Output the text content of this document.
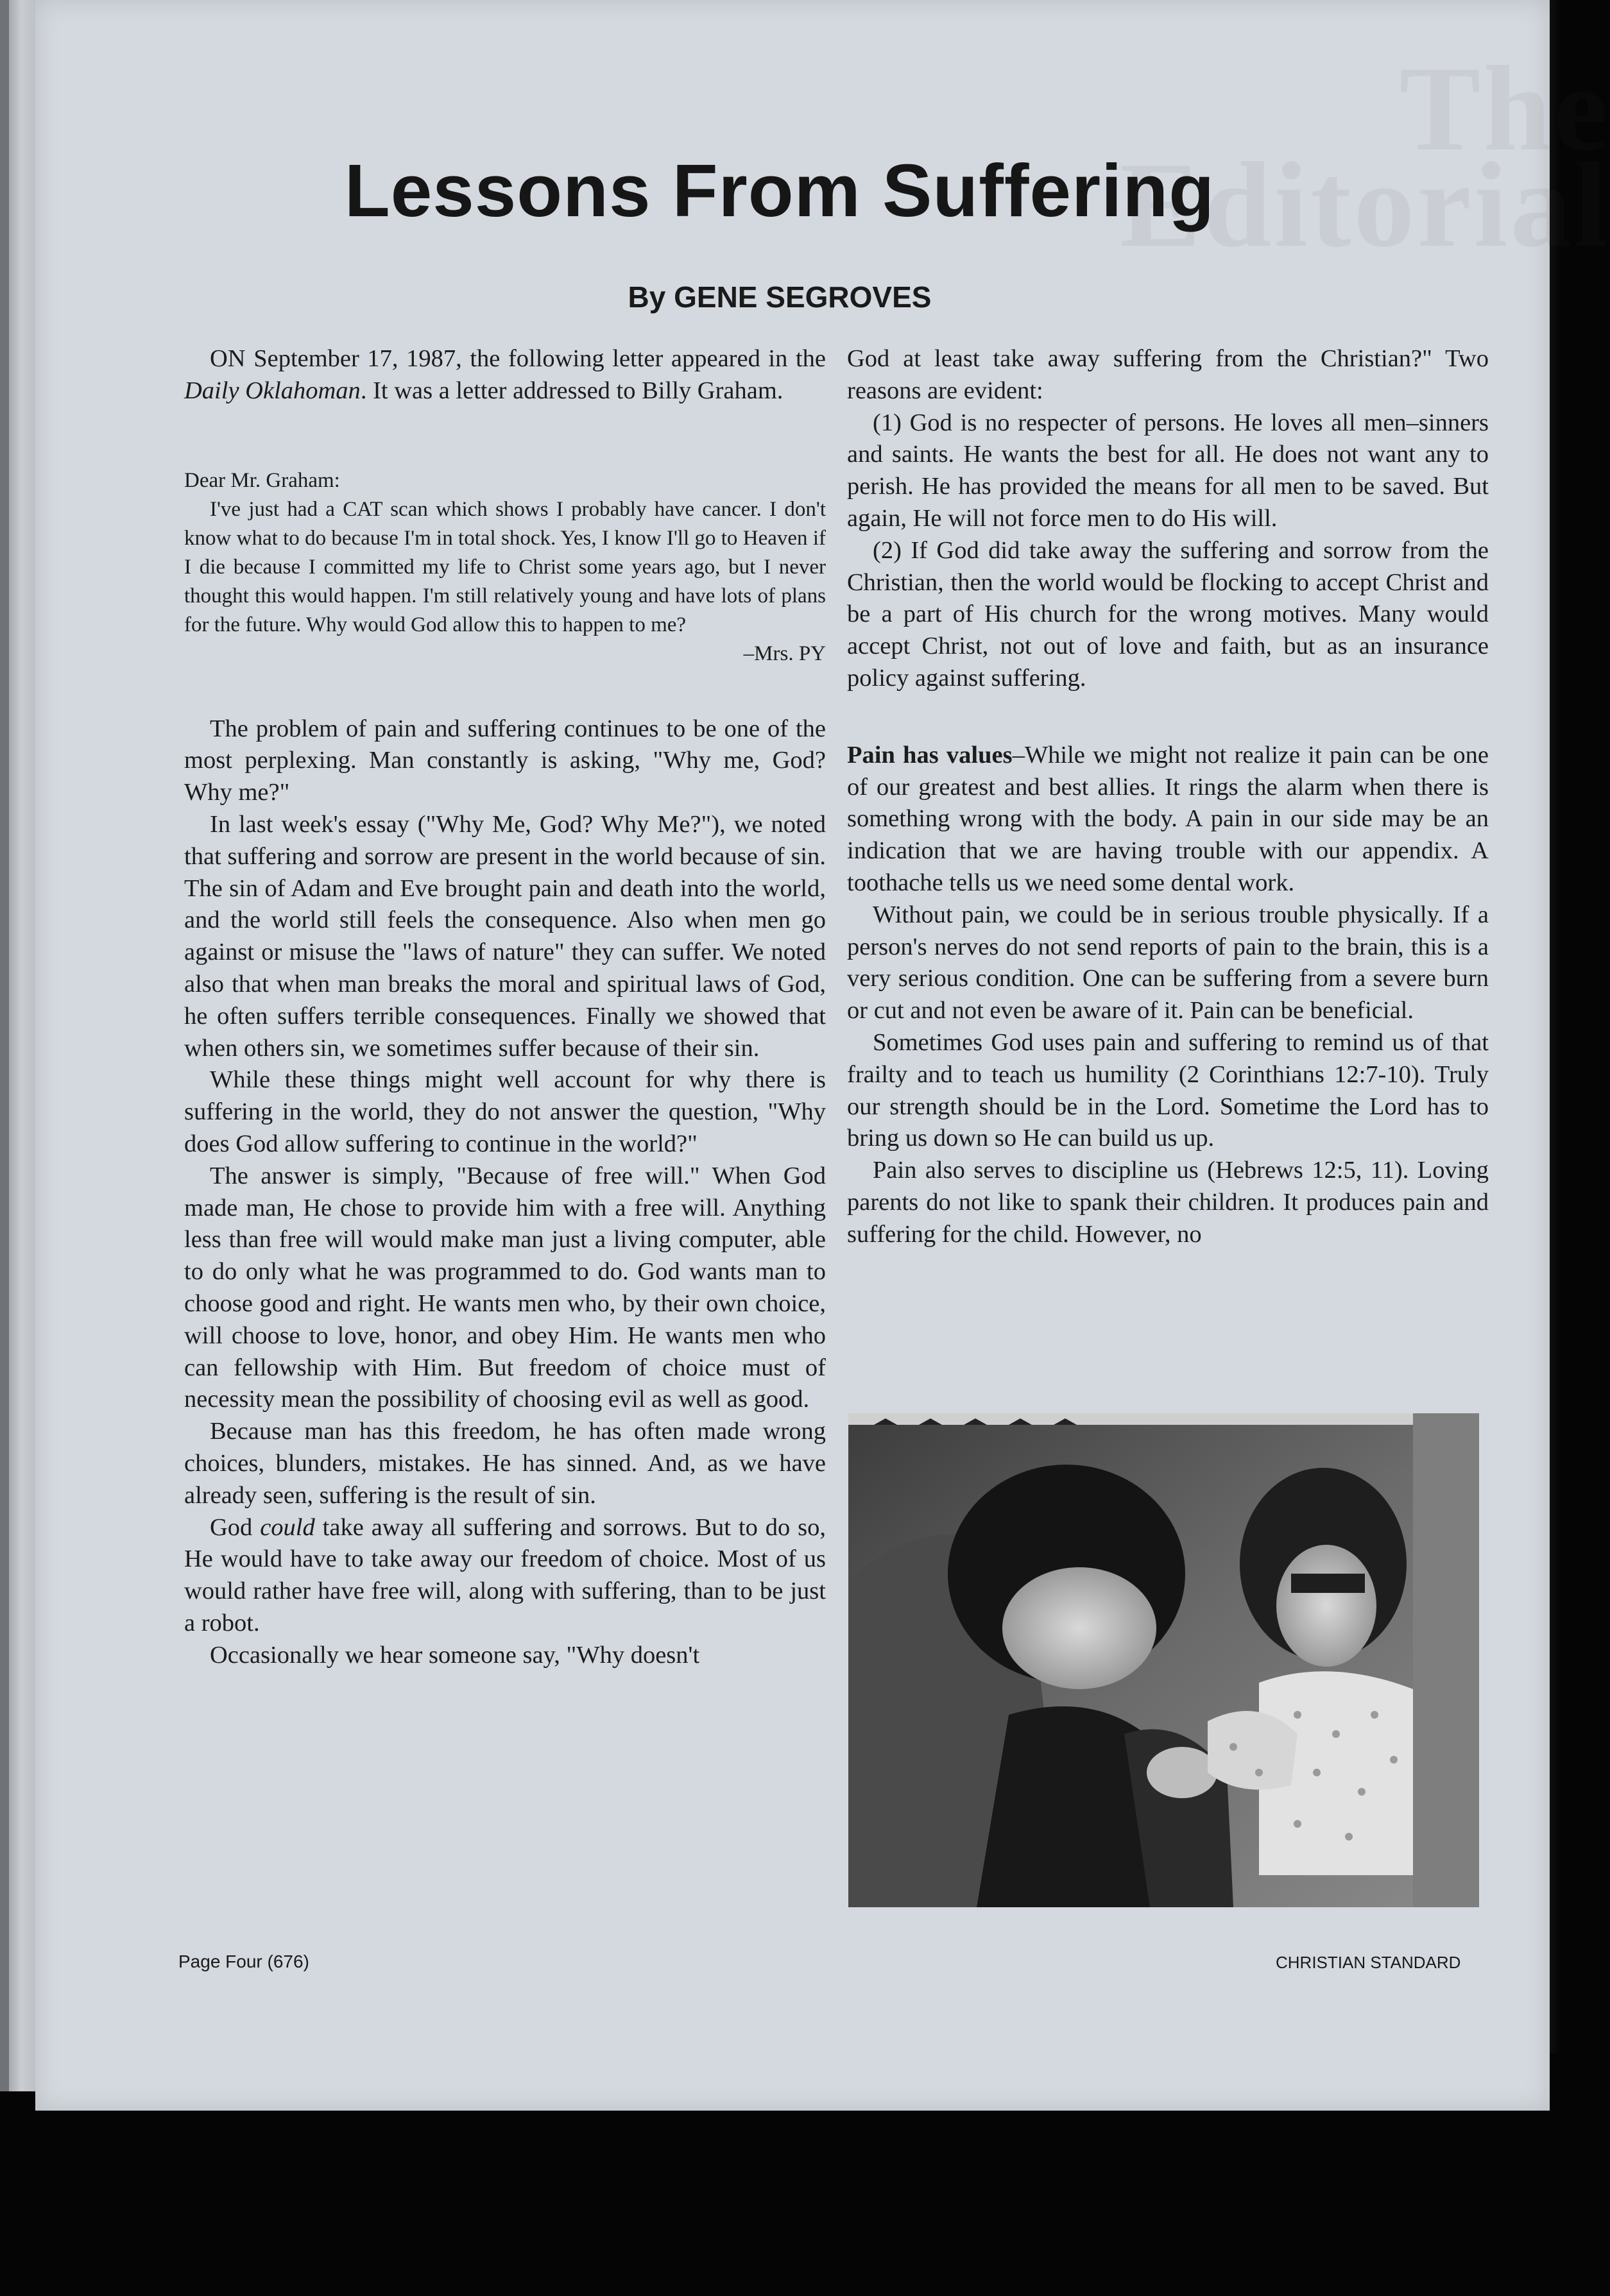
The
Editorial
Lessons From Suffering
By GENE SEGROVES

ON September 17, 1987, the following letter appeared in the Daily Oklahoman. It was a letter addressed to Billy Graham.

Dear Mr. Graham:

I've just had a CAT scan which shows I probably have cancer. I don't know what to do because I'm in total shock. Yes, I know I'll go to Heaven if I die because I committed my life to Christ some years ago, but I never thought this would happen. I'm still relatively young and have lots of plans for the future. Why would God allow this to happen to me?

–Mrs. PY

The problem of pain and suffering continues to be one of the most perplexing. Man constantly is asking, "Why me, God? Why me?"

In last week's essay ("Why Me, God? Why Me?"), we noted that suffering and sorrow are present in the world because of sin. The sin of Adam and Eve brought pain and death into the world, and the world still feels the consequence. Also when men go against or misuse the "laws of nature" they can suffer. We noted also that when man breaks the moral and spiritual laws of God, he often suffers terrible consequences. Finally we showed that when others sin, we sometimes suffer because of their sin.

While these things might well account for why there is suffering in the world, they do not answer the question, "Why does God allow suffering to continue in the world?"

The answer is simply, "Because of free will." When God made man, He chose to provide him with a free will. Anything less than free will would make man just a living computer, able to do only what he was programmed to do. God wants man to choose good and right. He wants men who, by their own choice, will choose to love, honor, and obey Him. He wants men who can fellowship with Him. But freedom of choice must of necessity mean the possibility of choosing evil as well as good.

Because man has this freedom, he has often made wrong choices, blunders, mistakes. He has sinned. And, as we have already seen, suffering is the result of sin.

God could take away all suffering and sorrows. But to do so, He would have to take away our freedom of choice. Most of us would rather have free will, along with suffering, than to be just a robot.

Occasionally we hear someone say, "Why doesn't

God at least take away suffering from the Christian?" Two reasons are evident:

(1) God is no respecter of persons. He loves all men–sinners and saints. He wants the best for all. He does not want any to perish. He has provided the means for all men to be saved. But again, He will not force men to do His will.

(2) If God did take away the suffering and sorrow from the Christian, then the world would be flocking to accept Christ and be a part of His church for the wrong motives. Many would accept Christ, not out of love and faith, but as an insurance policy against suffering.

Pain has values–While we might not realize it pain can be one of our greatest and best allies. It rings the alarm when there is something wrong with the body. A pain in our side may be an indication that we are having trouble with our appendix. A toothache tells us we need some dental work.

Without pain, we could be in serious trouble physically. If a person's nerves do not send reports of pain to the brain, this is a very serious condition. One can be suffering from a severe burn or cut and not even be aware of it. Pain can be beneficial.

Sometimes God uses pain and suffering to remind us of that frailty and to teach us humility (2 Corinthians 12:7-10). Truly our strength should be in the Lord. Sometime the Lord has to bring us down so He can build us up.

Pain also serves to discipline us (Hebrews 12:5, 11). Loving parents do not like to spank their children. It produces pain and suffering for the child. However, no

Page Four (676)	CHRISTIAN STANDARD
